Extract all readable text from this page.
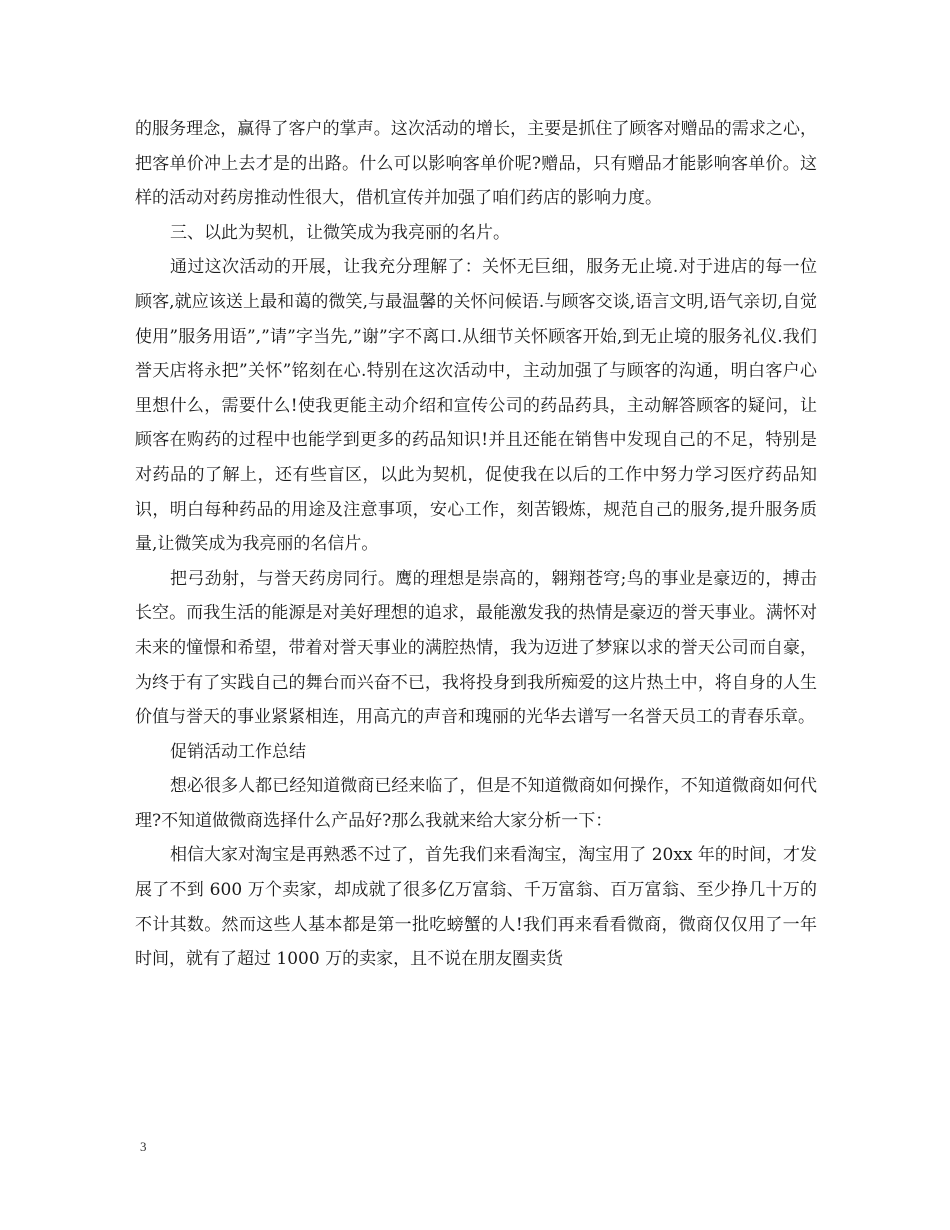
的服务理念，赢得了客户的掌声。这次活动的增长，主要是抓住了顾客对赠品的需求之心，把客单价冲上去才是的出路。什么可以影响客单价呢?赠品，只有赠品才能影响客单价。这样的活动对药房推动性很大，借机宣传并加强了咱们药店的影响力度。

三、以此为契机，让微笑成为我亮丽的名片。

通过这次活动的开展，让我充分理解了：关怀无巨细，服务无止境.对于进店的每一位顾客,就应该送上最和蔼的微笑,与最温馨的关怀问候语.与顾客交谈,语言文明,语气亲切,自觉使用”服务用语”,”请”字当先,”谢”字不离口.从细节关怀顾客开始,到无止境的服务礼仪.我们誉天店将永把”关怀”铭刻在心.特别在这次活动中，主动加强了与顾客的沟通，明白客户心里想什么，需要什么!使我更能主动介绍和宣传公司的药品药具，主动解答顾客的疑问，让顾客在购药的过程中也能学到更多的药品知识!并且还能在销售中发现自己的不足，特别是对药品的了解上，还有些盲区，以此为契机，促使我在以后的工作中努力学习医疗药品知识，明白每种药品的用途及注意事项，安心工作，刻苦锻炼，规范自己的服务,提升服务质量,让微笑成为我亮丽的名信片。

把弓劲射，与誉天药房同行。鹰的理想是崇高的，翱翔苍穹;鸟的事业是豪迈的，搏击长空。而我生活的能源是对美好理想的追求，最能激发我的热情是豪迈的誉天事业。满怀对未来的憧憬和希望，带着对誉天事业的满腔热情，我为迈进了梦寐以求的誉天公司而自豪，为终于有了实践自己的舞台而兴奋不已，我将投身到我所痴爱的这片热土中，将自身的人生价值与誉天的事业紧紧相连，用高亢的声音和瑰丽的光华去谱写一名誉天员工的青春乐章。

促销活动工作总结

想必很多人都已经知道微商已经来临了，但是不知道微商如何操作，不知道微商如何代理?不知道做微商选择什么产品好?那么我就来给大家分析一下：

相信大家对淘宝是再熟悉不过了，首先我们来看淘宝，淘宝用了 20xx 年的时间，才发展了不到 600 万个卖家，却成就了很多亿万富翁、千万富翁、百万富翁、至少挣几十万的不计其数。然而这些人基本都是第一批吃螃蟹的人!我们再来看看微商，微商仅仅用了一年时间，就有了超过 1000 万的卖家，且不说在朋友圈卖货

3
